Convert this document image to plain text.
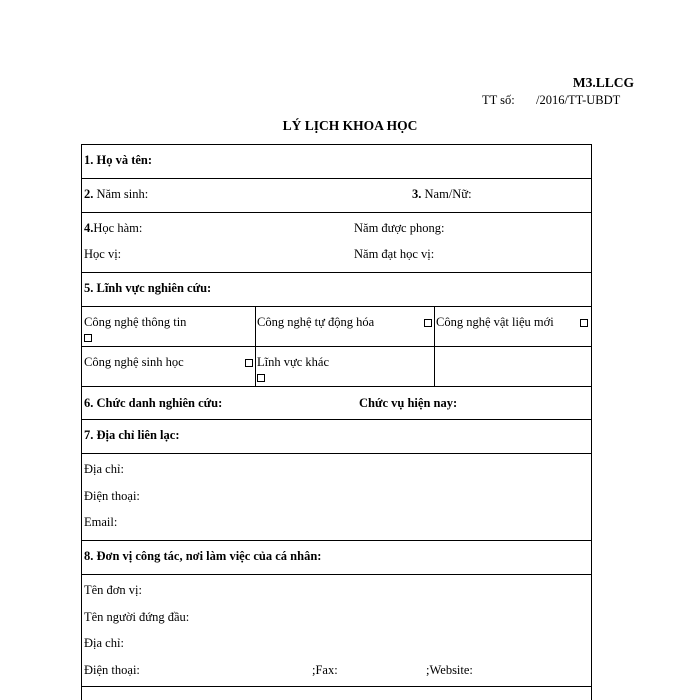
M3.LLCG
TT số: /2016/TT-UBDT
LÝ LỊCH KHOA HỌC
1. Họ và tên:
2. Năm sinh:	3. Nam/Nữ:
4.Học hàm:	Năm được phong:
Học vị:	Năm đạt học vị:
5. Lĩnh vực nghiên cứu:
Công nghệ thông tin	Công nghệ tự động hóa	Công nghệ vật liệu mới
Công nghệ sinh học	Lĩnh vực khác
6. Chức danh nghiên cứu:	Chức vụ hiện nay:
7. Địa chỉ liên lạc:
Địa chỉ:
Điện thoại:
Email:
8. Đơn vị công tác, nơi làm việc của cá nhân:
Tên đơn vị:
Tên người đứng đầu:
Địa chỉ:
Điện thoại:	;Fax:	;Website:
